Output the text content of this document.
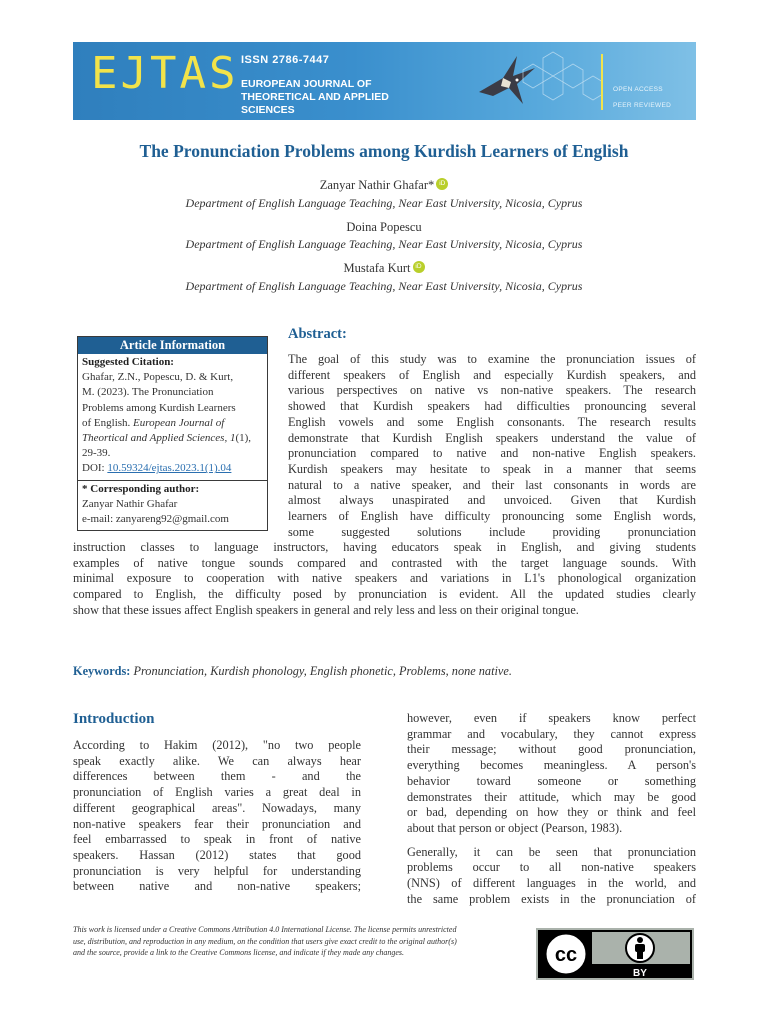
EJTAS ISSN 2786-7447
EUROPEAN JOURNAL OF
THEORETICAL AND APPLIED SCIENCES
OPEN ACCESS
PEER REVIEWED
The Pronunciation Problems among Kurdish Learners of English
Zanyar Nathir Ghafar* iD
Department of English Language Teaching, Near East University, Nicosia, Cyprus
Doina Popescu
Department of English Language Teaching, Near East University, Nicosia, Cyprus
Mustafa Kurt iD
Department of English Language Teaching, Near East University, Nicosia, Cyprus
Article Information
Suggested Citation:
Ghafar, Z.N., Popescu, D. & Kurt,
M. (2023). The Pronunciation
Problems among Kurdish Learners
of English. European Journal of
Theortical and Applied Sciences, 1(1),
29-39.
DOI: 10.59324/ejtas.2023.1(1).04
* Corresponding author:
Zanyar Nathir Ghafar
e-mail: zanyareng92@gmail.com
Abstract:
The goal of this study was to examine the pronunciation issues of
different speakers of English and especially Kurdish speakers, and
various perspectives on native vs non-native speakers. The research
showed that Kurdish speakers had difficulties pronouncing several
English vowels and some English consonants. The research results
demonstrate that Kurdish English speakers understand the value of
pronunciation compared to native and non-native English speakers.
Kurdish speakers may hesitate to speak in a manner that seems
natural to a native speaker, and their last consonants in words are
almost always unaspirated and unvoiced. Given that Kurdish
learners of English have difficulty pronouncing some English words,
some suggested solutions include providing pronunciation
instruction classes to language instructors, having educators speak in English, and giving students
examples of native tongue sounds compared and contrasted with the target language sounds. With
minimal exposure to cooperation with native speakers and variations in L1's phonological organization
compared to English, the difficulty posed by pronunciation is evident. All the updated studies clearly
show that these issues affect English speakers in general and rely less and less on their original tongue.
Keywords: Pronunciation, Kurdish phonology, English phonetic, Problems, none native.
Introduction
According to Hakim (2012), "no two people
speak exactly alike. We can always hear
differences between them - and the
pronunciation of English varies a great deal in
different geographical areas". Nowadays, many
non-native speakers fear their pronunciation and
feel embarrassed to speak in front of native
speakers. Hassan (2012) states that good
pronunciation is very helpful for understanding
between native and non-native speakers;
however, even if speakers know perfect
grammar and vocabulary, they cannot express
their message; without good pronunciation,
everything becomes meaningless. A person's
behavior toward someone or something
demonstrates their attitude, which may be good
or bad, depending on how they or think and feel
about that person or object (Pearson, 1983).
Generally, it can be seen that pronunciation
problems occur to all non-native speakers
(NNS) of different languages in the world, and
the same problem exists in the pronunciation of
This work is licensed under a Creative Commons Attribution 4.0 International License. The license permits unrestricted
use, distribution, and reproduction in any medium, on the condition that users give exact credit to the original author(s)
and the source, provide a link to the Creative Commons license, and indicate if they made any changes.	cc
BY
